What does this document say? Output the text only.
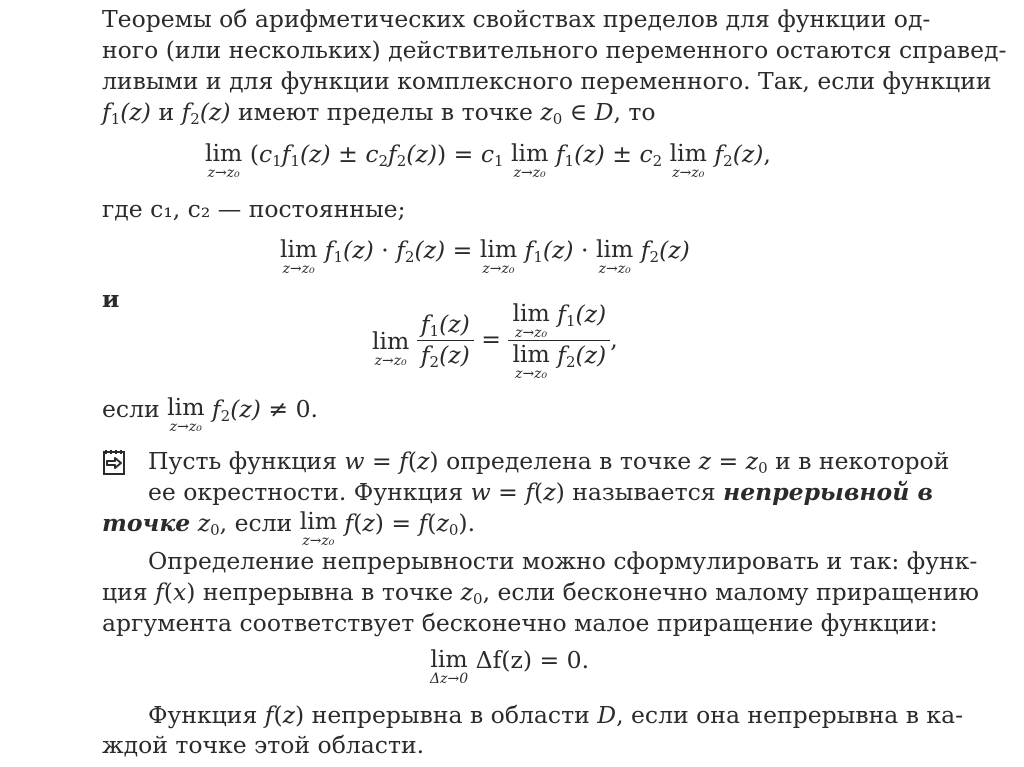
Теоремы об арифметических свойствах пределов для функции од-
ного (или нескольких) действительного переменного остаются справед-
ливыми и для функции комплексного переменного. Так, если функции
$f_1(z)$ и $f_2(z)$ имеют пределы в точке $z_0$ ∈ D, то
lim
z→z₀
$(c_1f_1(z) \pm c_2f_2(z)) = c_1$ lim
z→z₀
$f_1(z) \pm c_2$ lim
z→z₀
$f_2(z)$,
где c₁, c₂ — постоянные;
lim
z→z₀
$f_1(z) \cdot f_2(z) = \lim$
z→z₀
$f_1(z) \cdot \lim$
z→z₀
$f_2(z)$
и
lim
z→z₀
$\frac{f_1(z)}{f_2(z)} = \lim$
z→z₀
$f_1(z)$
lim
z→z₀
$f_2(z)$ ,
если lim
z→z₀
$f_2(z) \ne 0$.
Пусть функция w = f(z) определена в точке $z = z_0$ и в некоторой
ее окрестности. Функция w = f(z) называется непрерывной в
точке $z_0$, если lim
z→z₀
$f(z) = f(z_0)$.
Определение непрерывности можно сформулировать и так: функ-
ция f(x) непрерывна в точке $z_0$, если бесконечно малому приращению
аргумента соответствует бесконечно малое приращение функции:
lim
Δz→0
Δf(z) = 0.
Функция f(z) непрерывна в области D, если она непрерывна в ка-
ждой точке этой области.
